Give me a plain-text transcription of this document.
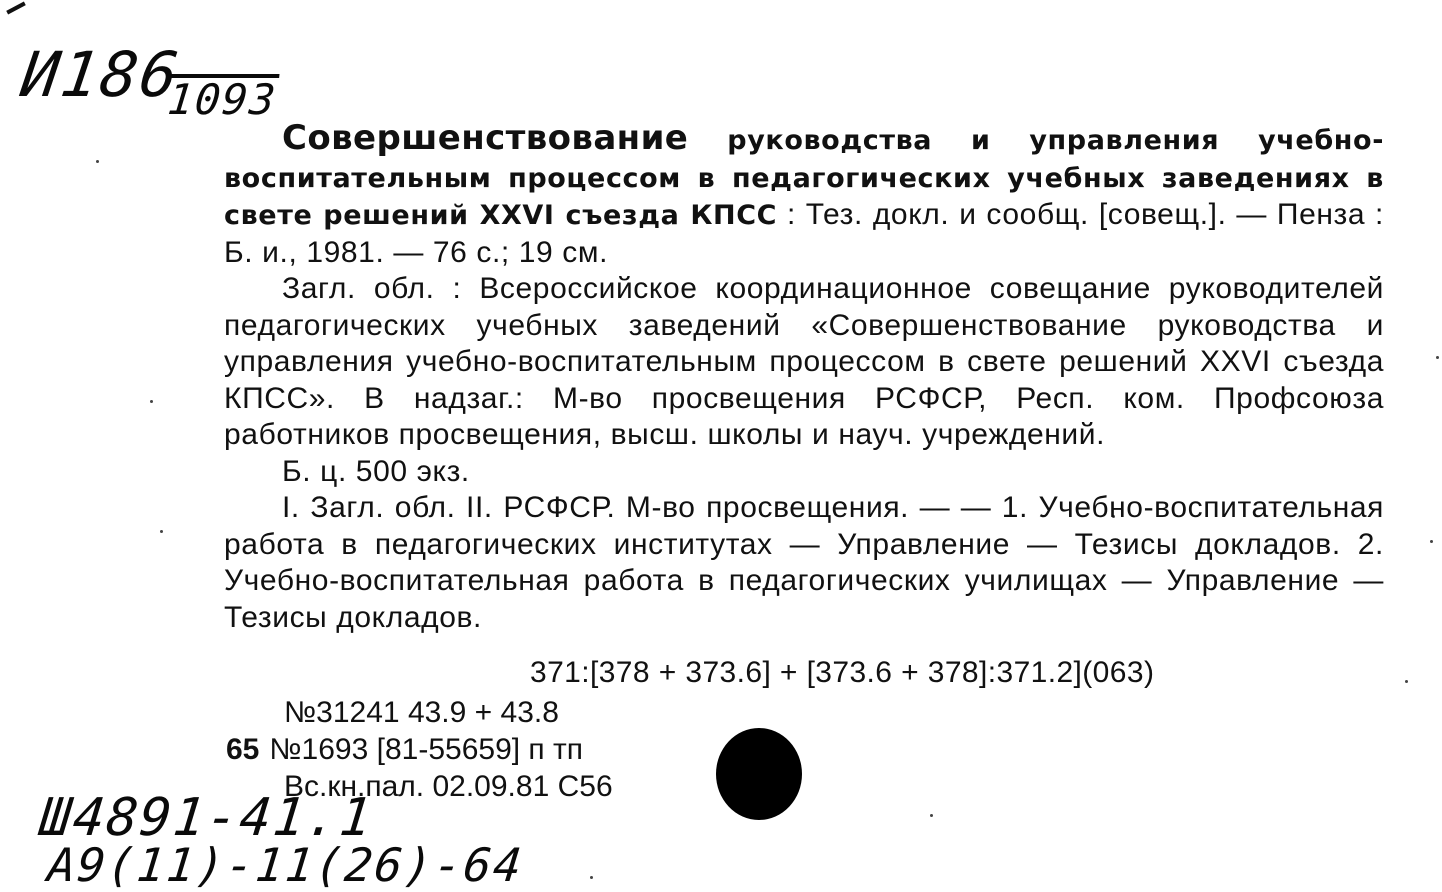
И186
1093

Совершенствование руководства и управления учебно-воспитательным процессом в педагогических учебных заведениях в свете решений XXVI съезда КПСС : Тез. докл. и сообщ. [совещ.]. — Пенза : Б. и., 1981. — 76 с.; 19 см.

Загл. обл. : Всероссийское координационное совещание руководителей педагогических учебных заведений «Совершенствование руководства и управления учебно-воспитательным процессом в свете решений XXVI съезда КПСС». В надзаг.: М-во просвещения РСФСР, Респ. ком. Профсоюза работников просвещения, высш. школы и науч. учреждений.

Б. ц. 500 экз.

I. Загл. обл. II. РСФСР. М-во просвещения. — — 1. Учебно-воспитательная работа в педагогических институтах — Управление — Тезисы докладов. 2. Учебно-воспитательная работа в педагогических училищах — Управление — Тезисы докладов.

371:[378 + 373.6] + [373.6 + 378]:371.2](063)
№31241 43.9 + 43.8
65 №1693 [81-55659] п тп
Вс.кн.пал. 02.09.81 С56
Ш4891-41.1
А9(11)-11(26)-64
